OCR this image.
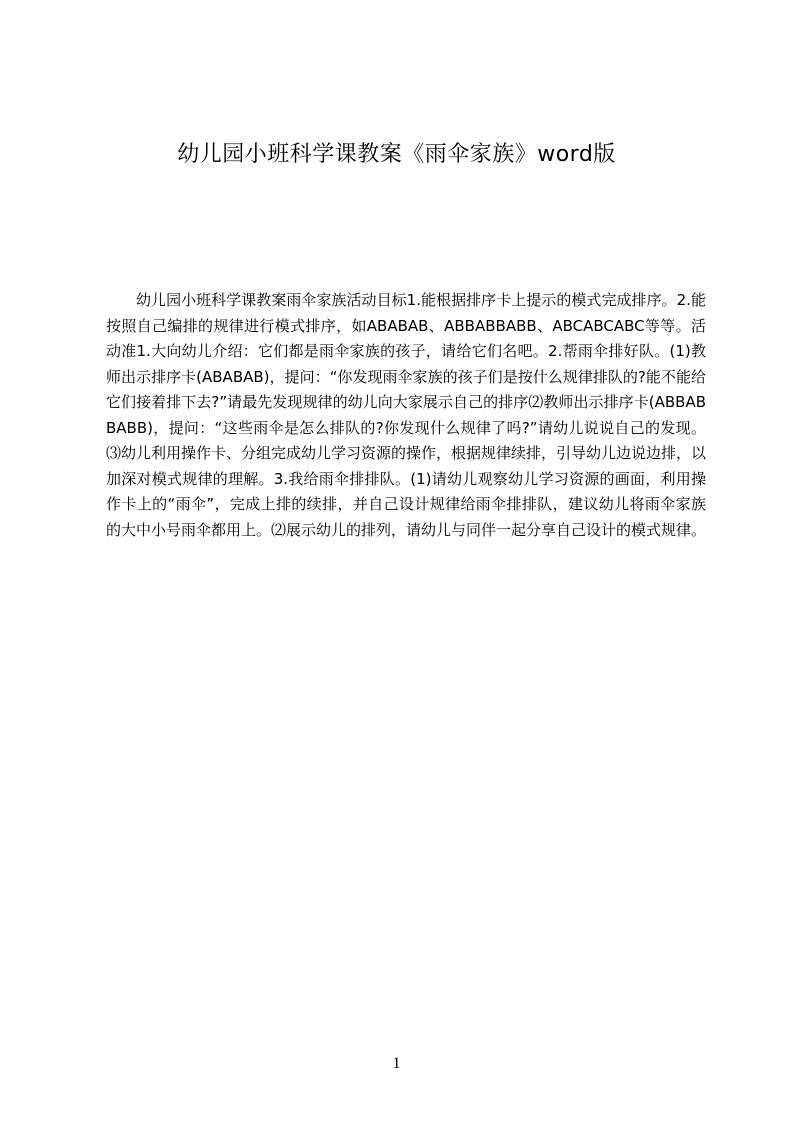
幼儿园小班科学课教案《雨伞家族》word版

幼儿园小班科学课教案雨伞家族活动目标1.能根据排序卡上提示的模式完成排序。2.能按照自己编排的规律进行模式排序，如ABABAB、ABBABBABB、ABCABCABC等等。活动准1.大向幼儿介绍：它们都是雨伞家族的孩子，请给它们名吧。2.帮雨伞排好队。(1)教师出示排序卡(ABABAB)，提问：“你发现雨伞家族的孩子们是按什么规律排队的?能不能给它们接着排下去?”请最先发现规律的幼儿向大家展示自己的排序⑵教师出示排序卡(ABBABBABB)，提问：“这些雨伞是怎么排队的?你发现什么规律了吗?”请幼儿说说自己的发现。⑶幼儿利用操作卡、分组完成幼儿学习资源的操作，根据规律续排，引导幼儿边说边排，以加深对模式规律的理解。3.我给雨伞排排队。(1)请幼儿观察幼儿学习资源的画面，利用操作卡上的“雨伞”，完成上排的续排，并自己设计规律给雨伞排排队，建议幼儿将雨伞家族的大中小号雨伞都用上。⑵展示幼儿的排列，请幼儿与同伴一起分享自己设计的模式规律。

1
